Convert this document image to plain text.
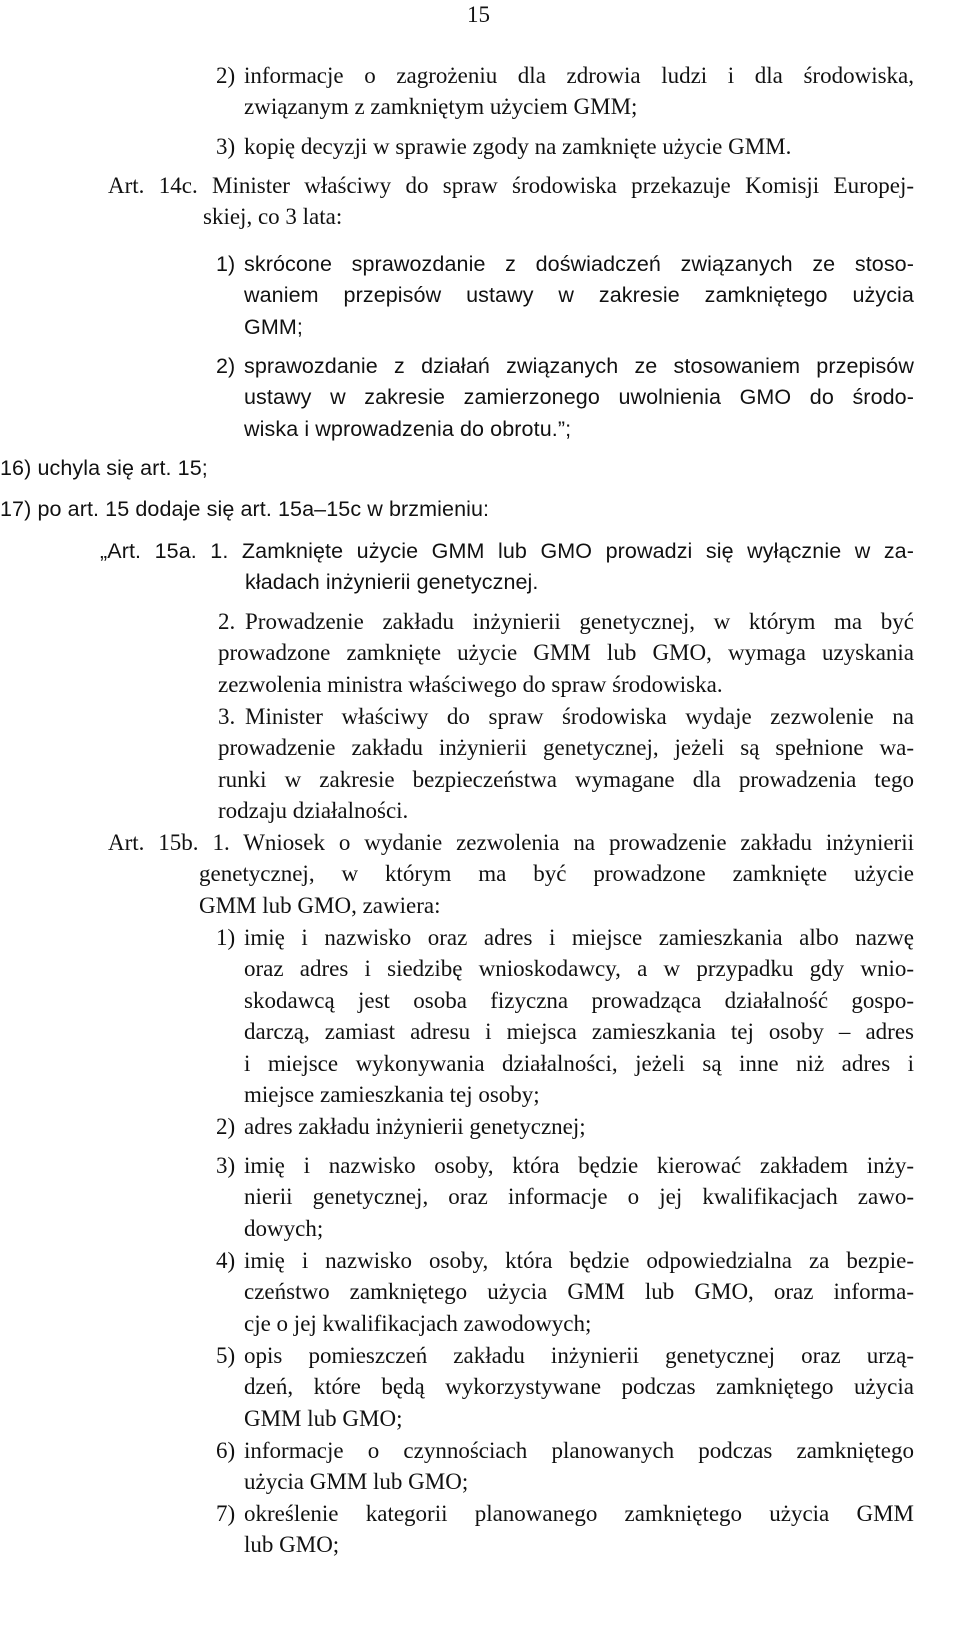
15
2) informacje o zagrożeniu dla zdrowia ludzi i dla środowiska,
związanym z zamkniętym użyciem GMM;
3) kopię decyzji w sprawie zgody na zamknięte użycie GMM.
Art. 14c. Minister właściwy do spraw środowiska przekazuje Komisji Europej-
skiej, co 3 lata:
1) skrócone sprawozdanie z doświadczeń związanych ze stoso-
waniem przepisów ustawy w zakresie zamkniętego użycia
GMM;
2) sprawozdanie z działań związanych ze stosowaniem przepisów
ustawy w zakresie zamierzonego uwolnienia GMO do środo-
wiska i wprowadzenia do obrotu.”;
16) uchyla się art. 15;
17) po art. 15 dodaje się art. 15a–15c w brzmieniu:
„Art. 15a. 1. Zamknięte użycie GMM lub GMO prowadzi się wyłącznie w za-
kładach inżynierii genetycznej.
2. Prowadzenie zakładu inżynierii genetycznej, w którym ma być
prowadzone zamknięte użycie GMM lub GMO, wymaga uzyskania
zezwolenia ministra właściwego do spraw środowiska.
3. Minister właściwy do spraw środowiska wydaje zezwolenie na
prowadzenie zakładu inżynierii genetycznej, jeżeli są spełnione wa-
runki w zakresie bezpieczeństwa wymagane dla prowadzenia tego
rodzaju działalności.
Art. 15b. 1. Wniosek o wydanie zezwolenia na prowadzenie zakładu inżynierii
genetycznej, w którym ma być prowadzone zamknięte użycie
GMM lub GMO, zawiera:
1) imię i nazwisko oraz adres i miejsce zamieszkania albo nazwę
oraz adres i siedzibę wnioskodawcy, a w przypadku gdy wnio-
skodawcą jest osoba fizyczna prowadząca działalność gospo-
darczą, zamiast adresu i miejsca zamieszkania tej osoby – adres
i miejsce wykonywania działalności, jeżeli są inne niż adres i
miejsce zamieszkania tej osoby;
2) adres zakładu inżynierii genetycznej;
3) imię i nazwisko osoby, która będzie kierować zakładem inży-
nierii genetycznej, oraz informacje o jej kwalifikacjach zawo-
dowych;
4) imię i nazwisko osoby, która będzie odpowiedzialna za bezpie-
czeństwo zamkniętego użycia GMM lub GMO, oraz informa-
cje o jej kwalifikacjach zawodowych;
5) opis pomieszczeń zakładu inżynierii genetycznej oraz urzą-
dzeń, które będą wykorzystywane podczas zamkniętego użycia
GMM lub GMO;
6) informacje o czynnościach planowanych podczas zamkniętego
użycia GMM lub GMO;
7) określenie kategorii planowanego zamkniętego użycia GMM
lub GMO;
